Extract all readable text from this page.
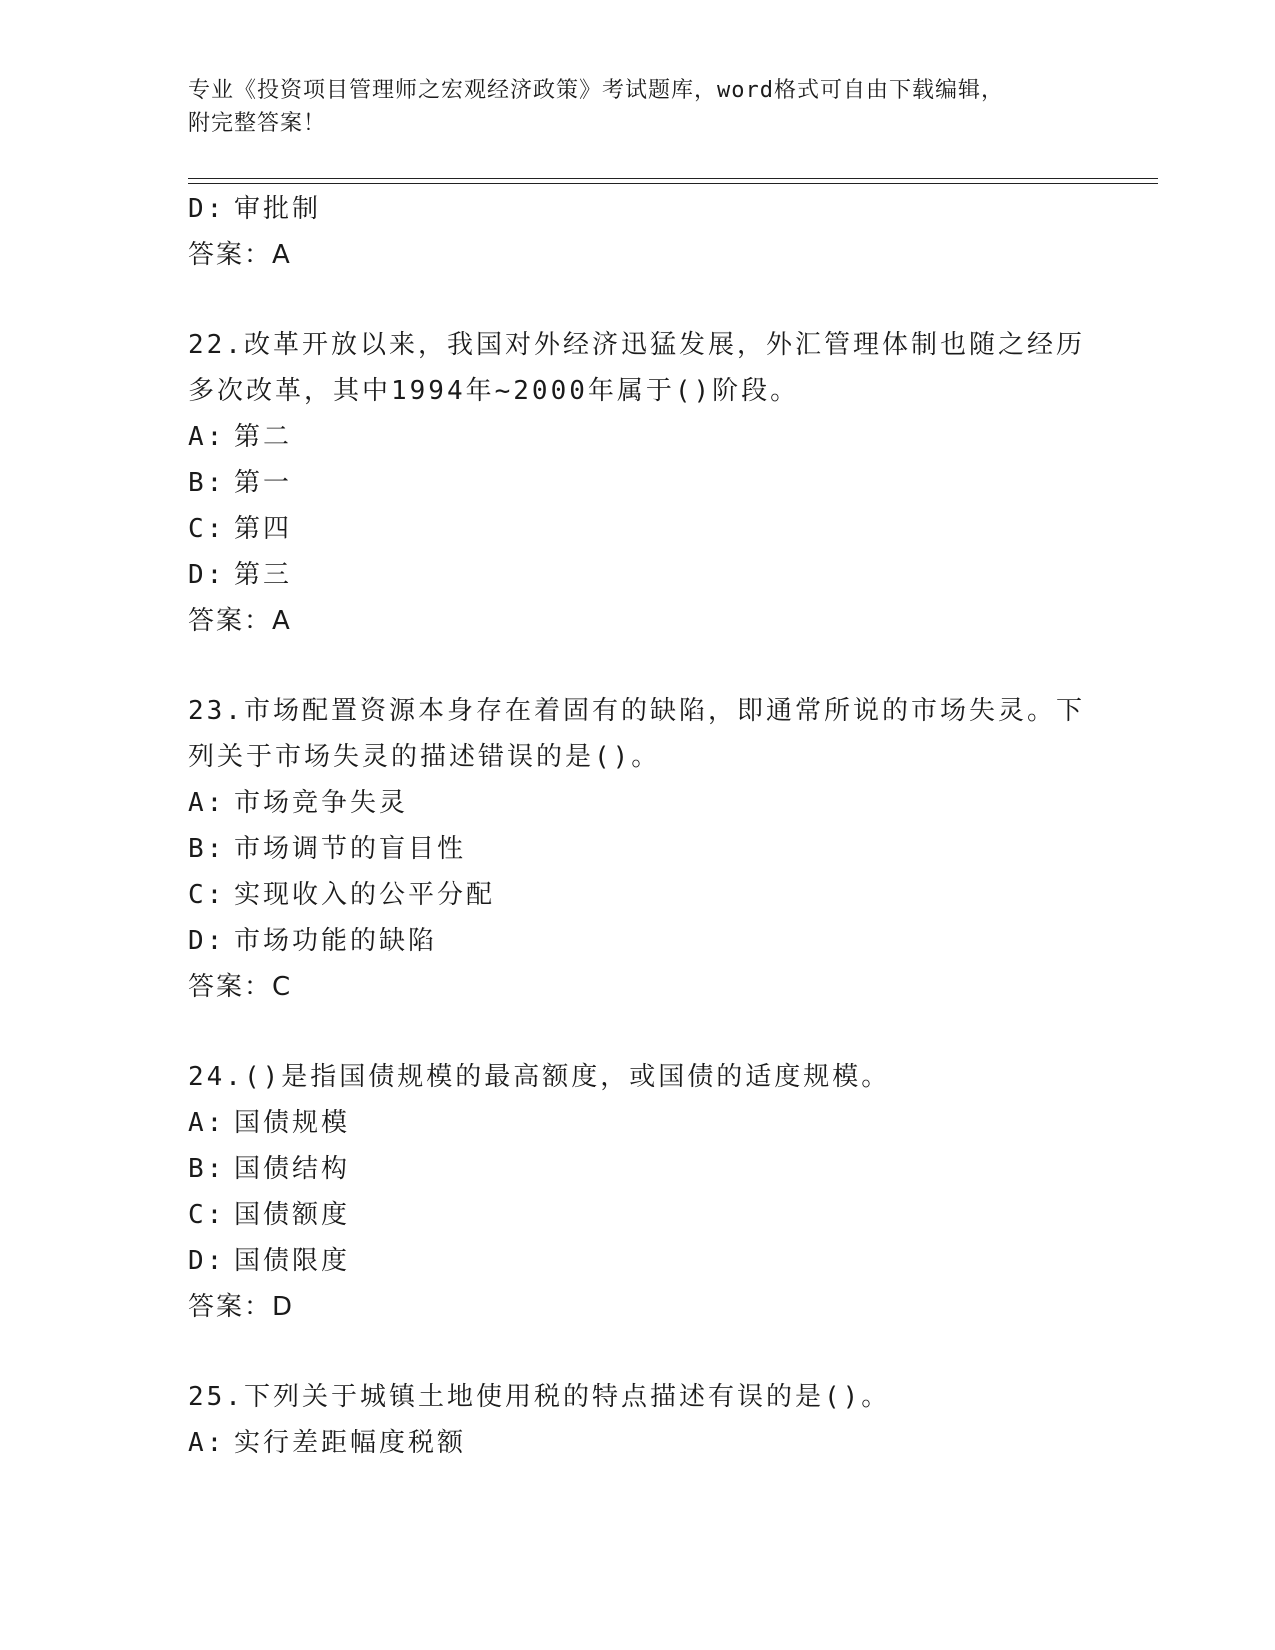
专业《投资项目管理师之宏观经济政策》考试题库，word格式可自由下载编辑，
附完整答案！
D: 审批制
答案：A
22.改革开放以来，我国对外经济迅猛发展，外汇管理体制也随之经历
多次改革，其中1994年~2000年属于()阶段。
A: 第二
B: 第一
C: 第四
D: 第三
答案：A
23.市场配置资源本身存在着固有的缺陷，即通常所说的市场失灵。下
列关于市场失灵的描述错误的是()。
A: 市场竞争失灵
B: 市场调节的盲目性
C: 实现收入的公平分配
D: 市场功能的缺陷
答案：C
24.()是指国债规模的最高额度，或国债的适度规模。
A: 国债规模
B: 国债结构
C: 国债额度
D: 国债限度
答案：D
25.下列关于城镇土地使用税的特点描述有误的是()。
A: 实行差距幅度税额
